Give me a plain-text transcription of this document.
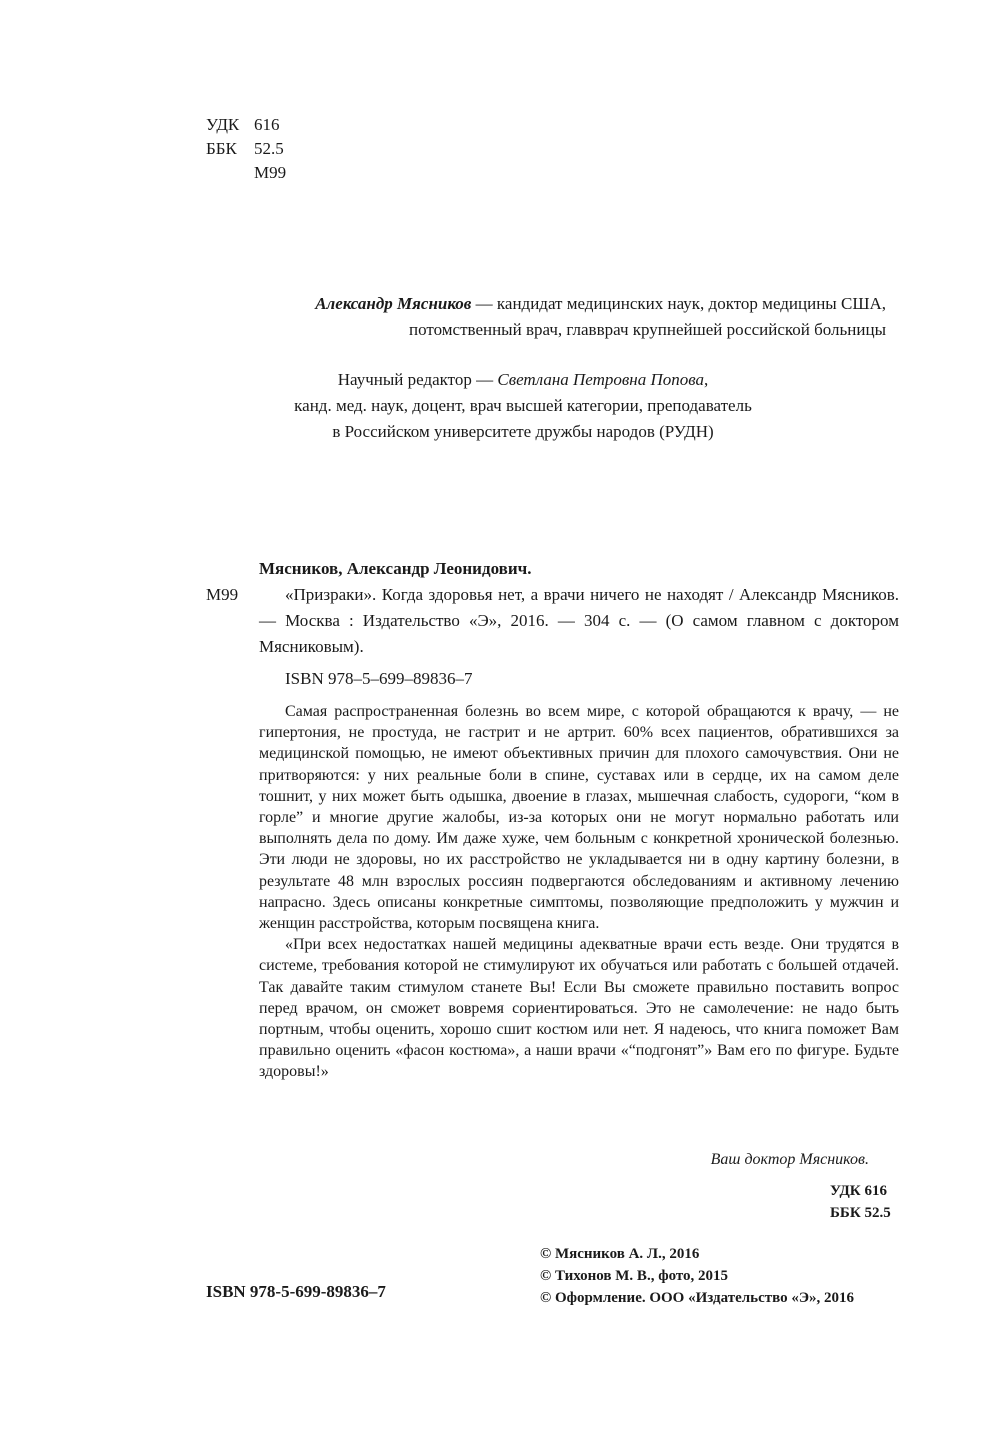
УДК 616
ББК	52.5
М99
Александр Мясников — кандидат медицинских наук, доктор медицины США,
потомственный врач, главврач крупнейшей российской больницы
Научный редактор — Светлана Петровна Попова,
канд. мед. наук, доцент, врач высшей категории, преподаватель
в Российском университете дружбы народов (РУДН)
Мясников, Александр Леонидович.
М99	«Призраки». Когда здоровья нет, а врачи ничего не находят / Александр Мясников. — Москва : Издательство «Э», 2016. — 304 с. — (О самом главном с доктором Мясниковым).
ISBN 978–5–699–89836–7

Самая распространенная болезнь во всем мире, с которой обращаются к врачу, — не гипертония, не простуда, не гастрит и не артрит. 60% всех пациентов, обратившихся за медицинской помощью, не имеют объективных причин для плохого самочувствия. Они не притворяются: у них реальные боли в спине, суставах или в сердце, их на самом деле тошнит, у них может быть одышка, двоение в глазах, мышечная слабость, судороги, “ком в горле” и многие другие жалобы, из-за которых они не могут нормально работать или выполнять дела по дому. Им даже хуже, чем больным с конкретной хронической болезнью. Эти люди не здоровы, но их расстройство не укладывается ни в одну картину болезни, в результате 48 млн взрослых россиян подвергаются обследованиям и активному лечению напрасно. Здесь описаны конкретные симптомы, позволяющие предположить у мужчин и женщин расстройства, которым посвящена книга.

«При всех недостатках нашей медицины адекватные врачи есть везде. Они трудятся в системе, требования которой не стимулируют их обучаться или работать с большей отдачей. Так давайте таким стимулом станете Вы! Если Вы сможете правильно поставить вопрос перед врачом, он сможет вовремя сориентироваться. Это не самолечение: не надо быть портным, чтобы оценить, хорошо сшит костюм или нет. Я надеюсь, что книга поможет Вам правильно оценить «фасон костюма», а наши врачи «“подгонят”» Вам его по фигуре. Будьте здоровы!»

Ваш доктор Мясников.
УДК 616
ББК 52.5
ISBN 978-5-699-89836–7
© Мясников А. Л., 2016
© Тихонов М. В., фото, 2015
© Оформление. ООО «Издательство «Э», 2016
